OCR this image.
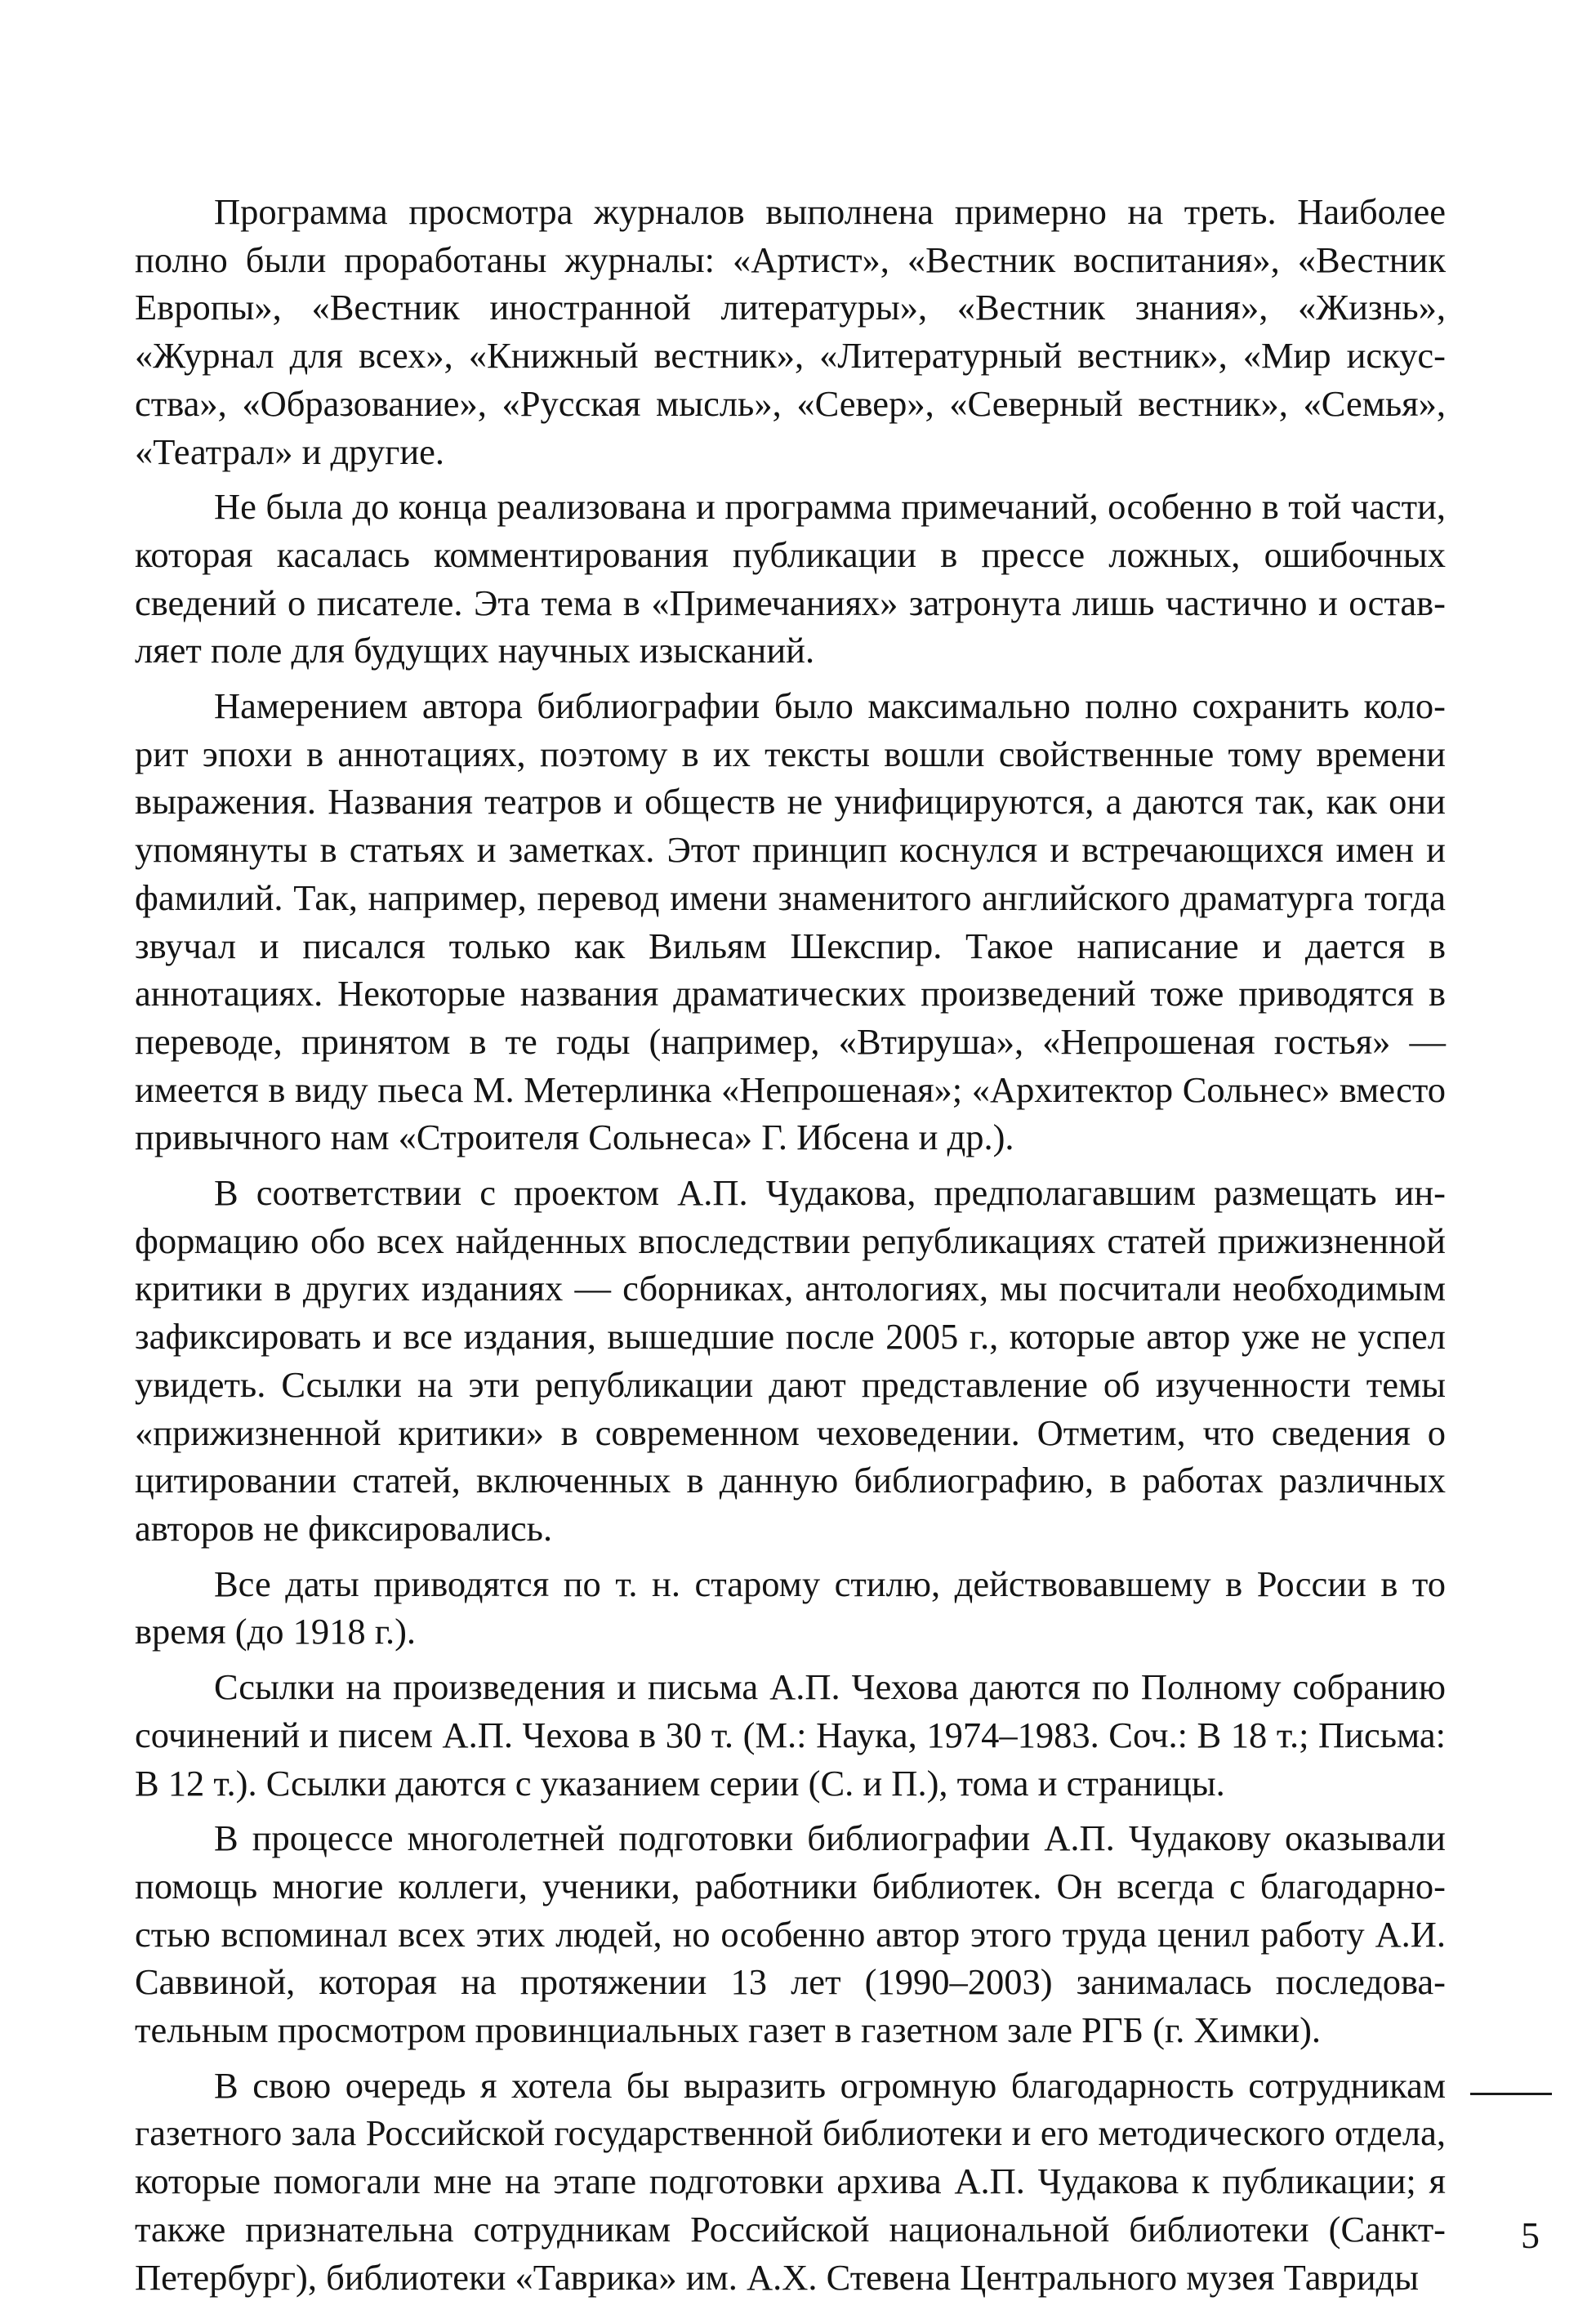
Программа просмотра журналов выполнена примерно на треть. Наиболее полно были проработаны журналы: «Артист», «Вестник воспитания», «Вестник Европы», «Вестник иностранной литературы», «Вестник знания», «Жизнь», «Журнал для всех», «Книжный вестник», «Литературный вестник», «Мир искусства», «Образование», «Русская мысль», «Север», «Северный вестник», «Семья», «Театрал» и другие.

Не была до конца реализована и программа примечаний, особенно в той части, которая касалась комментирования публикации в прессе ложных, ошибочных сведений о писателе. Эта тема в «Примечаниях» затронута лишь частично и оставляет поле для будущих научных изысканий.

Намерением автора библиографии было максимально полно сохранить колорит эпохи в аннотациях, поэтому в их тексты вошли свойственные тому времени выражения. Названия театров и обществ не унифицируются, а даются так, как они упомянуты в статьях и заметках. Этот принцип коснулся и встречающихся имен и фамилий. Так, например, перевод имени знаменитого английского драматурга тогда звучал и писался только как Вильям Шекспир. Такое написание и дается в аннотациях. Некоторые названия драматических произведений тоже приводятся в переводе, принятом в те годы (например, «Втируша», «Непрошеная гостья» — имеется в виду пьеса М. Метерлинка «Непрошеная»; «Архитектор Сольнес» вместо привычного нам «Строителя Сольнеса» Г. Ибсена и др.).

В соответствии с проектом А.П. Чудакова, предполагавшим размещать информацию обо всех найденных впоследствии републикациях статей прижизненной критики в других изданиях — сборниках, антологиях, мы посчитали необходимым зафиксировать и все издания, вышедшие после 2005 г., которые автор уже не успел увидеть. Ссылки на эти републикации дают представление об изученности темы «прижизненной критики» в современном чеховедении. Отметим, что сведения о цитировании статей, включенных в данную библиографию, в работах различных авторов не фиксировались.

Все даты приводятся по т. н. старому стилю, действовавшему в России в то время (до 1918 г.).

Ссылки на произведения и письма А.П. Чехова даются по Полному собранию сочинений и писем А.П. Чехова в 30 т. (М.: Наука, 1974–1983. Соч.: В 18 т.; Письма: В 12 т.). Ссылки даются с указанием серии (С. и П.), тома и страницы.

В процессе многолетней подготовки библиографии А.П. Чудакову оказывали помощь многие коллеги, ученики, работники библиотек. Он всегда с благодарностью вспоминал всех этих людей, но особенно автор этого труда ценил работу А.И. Саввиной, которая на протяжении 13 лет (1990–2003) занималась последовательным просмотром провинциальных газет в газетном зале РГБ (г. Химки).

В свою очередь я хотела бы выразить огромную благодарность сотрудникам газетного зала Российской государственной библиотеки и его методического отдела, которые помогали мне на этапе подготовки архива А.П. Чудакова к публикации; я также признательна сотрудникам Российской национальной библиотеки (Санкт-Петербург), библиотеки «Таврика» им. А.Х. Стевена Центрального музея Тавриды

5
